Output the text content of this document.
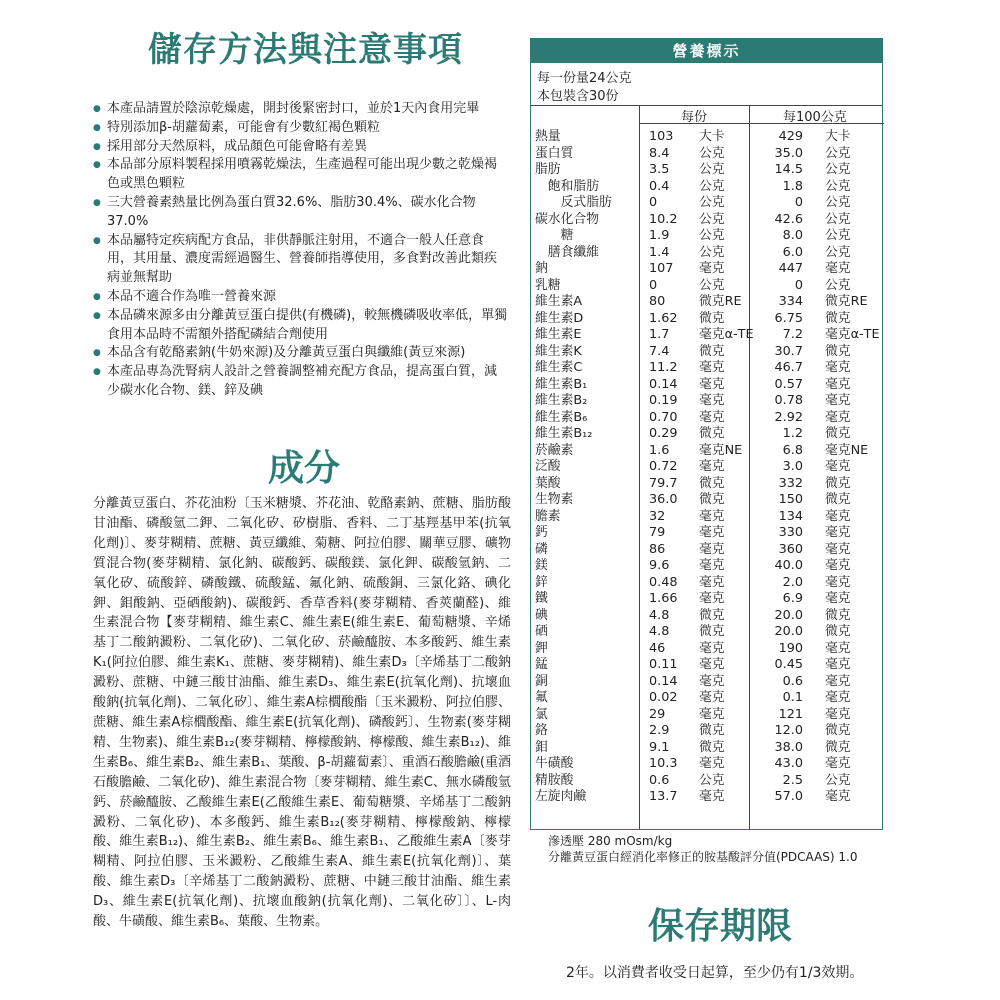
儲存方法與注意事項
● 本產品請置於陰涼乾燥處，開封後緊密封口，並於1天內食用完畢
● 特別添加β-胡蘿蔔素，可能會有少數紅褐色顆粒
● 採用部分天然原料，成品顏色可能會略有差異
● 本品部分原料製程採用噴霧乾燥法，生產過程可能出現少數之乾燥褐色或黑色顆粒
● 三大營養素熱量比例為蛋白質32.6%、脂肪30.4%、碳水化合物37.0%
● 本品屬特定疾病配方食品，非供靜脈注射用，不適合一般人任意食用，其用量、濃度需經過醫生、營養師指導使用，多食對改善此類疾病並無幫助
● 本品不適合作為唯一營養來源
● 本品磷來源多由分離黃豆蛋白提供(有機磷)，較無機磷吸收率低，單獨食用本品時不需額外搭配磷結合劑使用
● 本品含有乾酪素鈉(牛奶來源)及分離黃豆蛋白與纖維(黃豆來源)
● 本產品專為洗腎病人設計之營養調整補充配方食品，提高蛋白質，減少碳水化合物、鎂、鋅及碘
成分
分離黃豆蛋白、芥花油粉〔玉米糖漿、芥花油、乾酪素鈉、蔗糖、脂肪酸甘油酯、磷酸氫二鉀、二氧化矽、矽樹脂、香料、二丁基羥基甲苯(抗氧化劑)〕、麥芽糊精、蔗糖、黃豆纖維、菊糖、阿拉伯膠、關華豆膠、礦物質混合物(麥芽糊精、氯化鈉、碳酸鈣、碳酸鎂、氯化鉀、碳酸氫鈉、二氧化矽、硫酸鋅、磷酸鐵、硫酸錳、氟化鈉、硫酸銅、三氯化鉻、碘化鉀、鉬酸鈉、亞硒酸鈉)、碳酸鈣、香草香料(麥芽糊精、香莢蘭醛)、維生素混合物【麥芽糊精、維生素C、維生素E(維生素E、葡萄糖漿、辛烯基丁二酸鈉澱粉、二氧化矽)、二氧化矽、菸鹼醯胺、本多酸鈣、維生素K₁(阿拉伯膠、維生素K₁、蔗糖、麥芽糊精)、維生素D₃〔辛烯基丁二酸鈉澱粉、蔗糖、中鏈三酸甘油酯、維生素D₃、維生素E(抗氧化劑)、抗壞血酸鈉(抗氧化劑)、二氧化矽〕、維生素A棕櫚酸酯〔玉米澱粉、阿拉伯膠、蔗糖、維生素A棕櫚酸酯、維生素E(抗氧化劑)、磷酸鈣〕、生物素(麥芽糊精、生物素)、維生素B₁₂(麥芽糊精、檸檬酸鈉、檸檬酸、維生素B₁₂)、維生素B₆、維生素B₂、維生素B₁、葉酸、β-胡蘿蔔素〕、重酒石酸膽鹼(重酒石酸膽鹼、二氧化矽)、維生素混合物〔麥芽糊精、維生素C、無水磷酸氫鈣、菸鹼醯胺、乙酸維生素E(乙酸維生素E、葡萄糖漿、辛烯基丁二酸鈉澱粉、二氧化矽)、本多酸鈣、維生素B₁₂(麥芽糊精、檸檬酸鈉、檸檬酸、維生素B₁₂)、維生素B₂、維生素B₆、維生素B₁、乙酸維生素A〔麥芽糊精、阿拉伯膠、玉米澱粉、乙酸維生素A、維生素E(抗氧化劑)〕、葉酸、維生素D₃〔辛烯基丁二酸鈉澱粉、蔗糖、中鏈三酸甘油酯、維生素D₃、維生素E(抗氧化劑)、抗壞血酸鈉(抗氧化劑)、二氧化矽〕〕、L-肉酸、牛磺酸、維生素B₆、葉酸、生物素。
營養標示
每一份量24公克
本包裝含30份
每份	每100公克
熱量	103 大卡	429 大卡
蛋白質	8.4 公克	35.0 公克
脂肪	3.5 公克	14.5 公克
　飽和脂肪	0.4 公克	1.8 公克
　　反式脂肪	0	公克	0 公克
碳水化合物	10.2 公克	42.6 公克
　　糖	1.9 公克	8.0 公克
　膳食纖維	1.4 公克	6.0 公克
鈉	107 毫克	447 毫克
乳糖	0	公克	0 公克
維生素A	80	微克RE	334 微克RE
維生素D	1.62 微克	6.75 微克
維生素E	1.7 毫克α-TE	7.2 毫克α-TE
維生素K	7.4 微克	30.7 微克
維生素C	11.2 毫克	46.7 毫克
維生素B₁	0.14 毫克	0.57 毫克
維生素B₂	0.19 毫克	0.78 毫克
維生素B₆	0.70 毫克	2.92 毫克
維生素B₁₂	0.29 微克	1.2 微克
菸鹼素	1.6 毫克NE	6.8 毫克NE
泛酸	0.72 毫克	3.0 毫克
葉酸	79.7 微克	332 微克
生物素	36.0 微克	150 微克
膽素	32	毫克	134 毫克
鈣	79	毫克	330 毫克
磷	86	毫克	360 毫克
鎂	9.6 毫克	40.0 毫克
鋅	0.48 毫克	2.0 毫克
鐵	1.66 毫克	6.9 毫克
碘	4.8 微克	20.0 微克
硒	4.8 微克	20.0 微克
鉀	46	毫克	190 毫克
錳	0.11 毫克	0.45 毫克
銅	0.14 毫克	0.6 毫克
氟	0.02 毫克	0.1 毫克
氯	29	毫克	121 毫克
鉻	2.9 微克	12.0 微克
鉬	9.1 微克	38.0 微克
牛磺酸	10.3 毫克	43.0 毫克
精胺酸	0.6 公克	2.5 公克
左旋肉鹼	13.7 毫克	57.0 毫克
滲透壓 280 mOsm/kg
分離黃豆蛋白經消化率修正的胺基酸評分值(PDCAAS) 1.0
保存期限
2年。以消費者收受日起算，至少仍有1/3效期。
